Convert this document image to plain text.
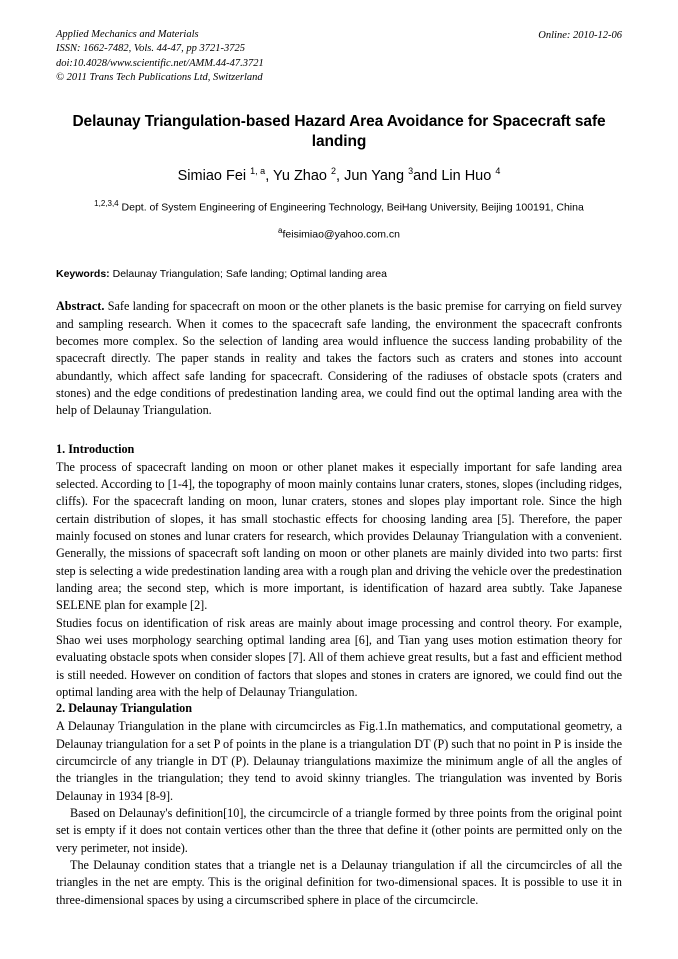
Applied Mechanics and Materials
ISSN: 1662-7482, Vols. 44-47, pp 3721-3725
doi:10.4028/www.scientific.net/AMM.44-47.3721
© 2011 Trans Tech Publications Ltd, Switzerland
Online: 2010-12-06
Delaunay Triangulation-based Hazard Area Avoidance for Spacecraft safe landing
Simiao Fei $^{1, a}$, Yu Zhao $^2$, Jun Yang $^3$and Lin Huo $^4$
$^{1,2,3,4}$ Dept. of System Engineering of Engineering Technology, BeiHang University, Beijing 100191, China
$^a$feisimiao@yahoo.com.cn
Keywords: Delaunay Triangulation; Safe landing; Optimal landing area
Abstract. Safe landing for spacecraft on moon or the other planets is the basic premise for carrying on field survey and sampling research. When it comes to the spacecraft safe landing, the environment the spacecraft confronts becomes more complex. So the selection of landing area would influence the success landing probability of the spacecraft directly. The paper stands in reality and takes the factors such as craters and stones into account abundantly, which affect safe landing for spacecraft. Considering of the radiuses of obstacle spots (craters and stones) and the edge conditions of predestination landing area, we could find out the optimal landing area with the help of Delaunay Triangulation.
1. Introduction

The process of spacecraft landing on moon or other planet makes it especially important for safe landing area selected. According to [1-4], the topography of moon mainly contains lunar craters, stones, slopes (including ridges, cliffs). For the spacecraft landing on moon, lunar craters, stones and slopes play important role. Since the high certain distribution of slopes, it has small stochastic effects for choosing landing area [5]. Therefore, the paper mainly focused on stones and lunar craters for research, which provides Delaunay Triangulation with a convenient. Generally, the missions of spacecraft soft landing on moon or other planets are mainly divided into two parts: first step is selecting a wide predestination landing area with a rough plan and driving the vehicle over the predestination landing area; the second step, which is more important, is identification of hazard area subtly. Take Japanese SELENE plan for example [2].

Studies focus on identification of risk areas are mainly about image processing and control theory. For example, Shao wei uses morphology searching optimal landing area [6], and Tian yang uses motion estimation theory for evaluating obstacle spots when consider slopes [7]. All of them achieve great results, but a fast and efficient method is still needed. However on condition of factors that slopes and stones in craters are ignored, we could find out the optimal landing area with the help of Delaunay Triangulation.

2. Delaunay Triangulation

A Delaunay Triangulation in the plane with circumcircles as Fig.1.In mathematics, and computational geometry, a Delaunay triangulation for a set P of points in the plane is a triangulation DT (P) such that no point in P is inside the circumcircle of any triangle in DT (P). Delaunay triangulations maximize the minimum angle of all the angles of the triangles in the triangulation; they tend to avoid skinny triangles. The triangulation was invented by Boris Delaunay in 1934 [8-9].

Based on Delaunay's definition[10], the circumcircle of a triangle formed by three points from the original point set is empty if it does not contain vertices other than the three that define it (other points are permitted only on the very perimeter, not inside).

The Delaunay condition states that a triangle net is a Delaunay triangulation if all the circumcircles of all the triangles in the net are empty. This is the original definition for two-dimensional spaces. It is possible to use it in three-dimensional spaces by using a circumscribed sphere in place of the circumcircle.
